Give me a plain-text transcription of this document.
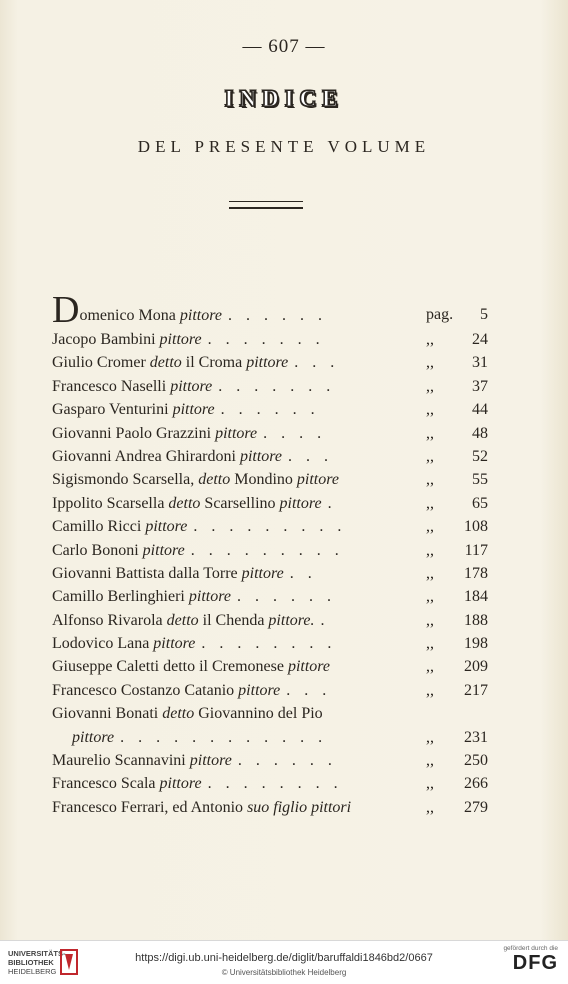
— 607 —
INDICE
DEL PRESENTE VOLUME
Domenico Mona pittore . . . . . .	pag. 5
Jacopo Bambini pittore . . . . . . .	,, 24
Giulio Cromer detto il Croma pittore . . .	,, 31
Francesco Naselli pittore . . . . . . .	,, 37
Gasparo Venturini pittore . . . . . .	,, 44
Giovanni Paolo Grazzini pittore . . . .	,, 48
Giovanni Andrea Ghirardoni pittore . . .	,, 52
Sigismondo Scarsella, detto Mondino pittore	,, 55
Ippolito Scarsella detto Scarsellino pittore .	,, 65
Camillo Ricci pittore . . . . . . . . .	,, 108
Carlo Bononi pittore . . . . . . . . .	,, 117
Giovanni Battista dalla Torre pittore . .	,, 178
Camillo Berlinghieri pittore . . . . . .	,, 184
Alfonso Rivarola detto il Chenda pittore. .	,, 188
Lodovico Lana pittore . . . . . . . .	,, 198
Giuseppe Caletti detto il Cremonese pittore	,, 209
Francesco Costanzo Catanio pittore . . .	,, 217
Giovanni Bonati detto Giovannino del Pio
pittore . . . . . . . . . . . .	,, 231
Maurelio Scannavini pittore . . . . . .	,, 250
Francesco Scala pittore . . . . . . . .	,, 266
Francesco Ferrari, ed Antonio suo figlio pittori	,, 279
UNIVERSITÄTS-
BIBLIOTHEK
HEIDELBERG
https://digi.ub.uni-heidelberg.de/diglit/baruffaldi1846bd2/0667
© Universitätsbibliothek Heidelberg
gefördert durch die
DFG
